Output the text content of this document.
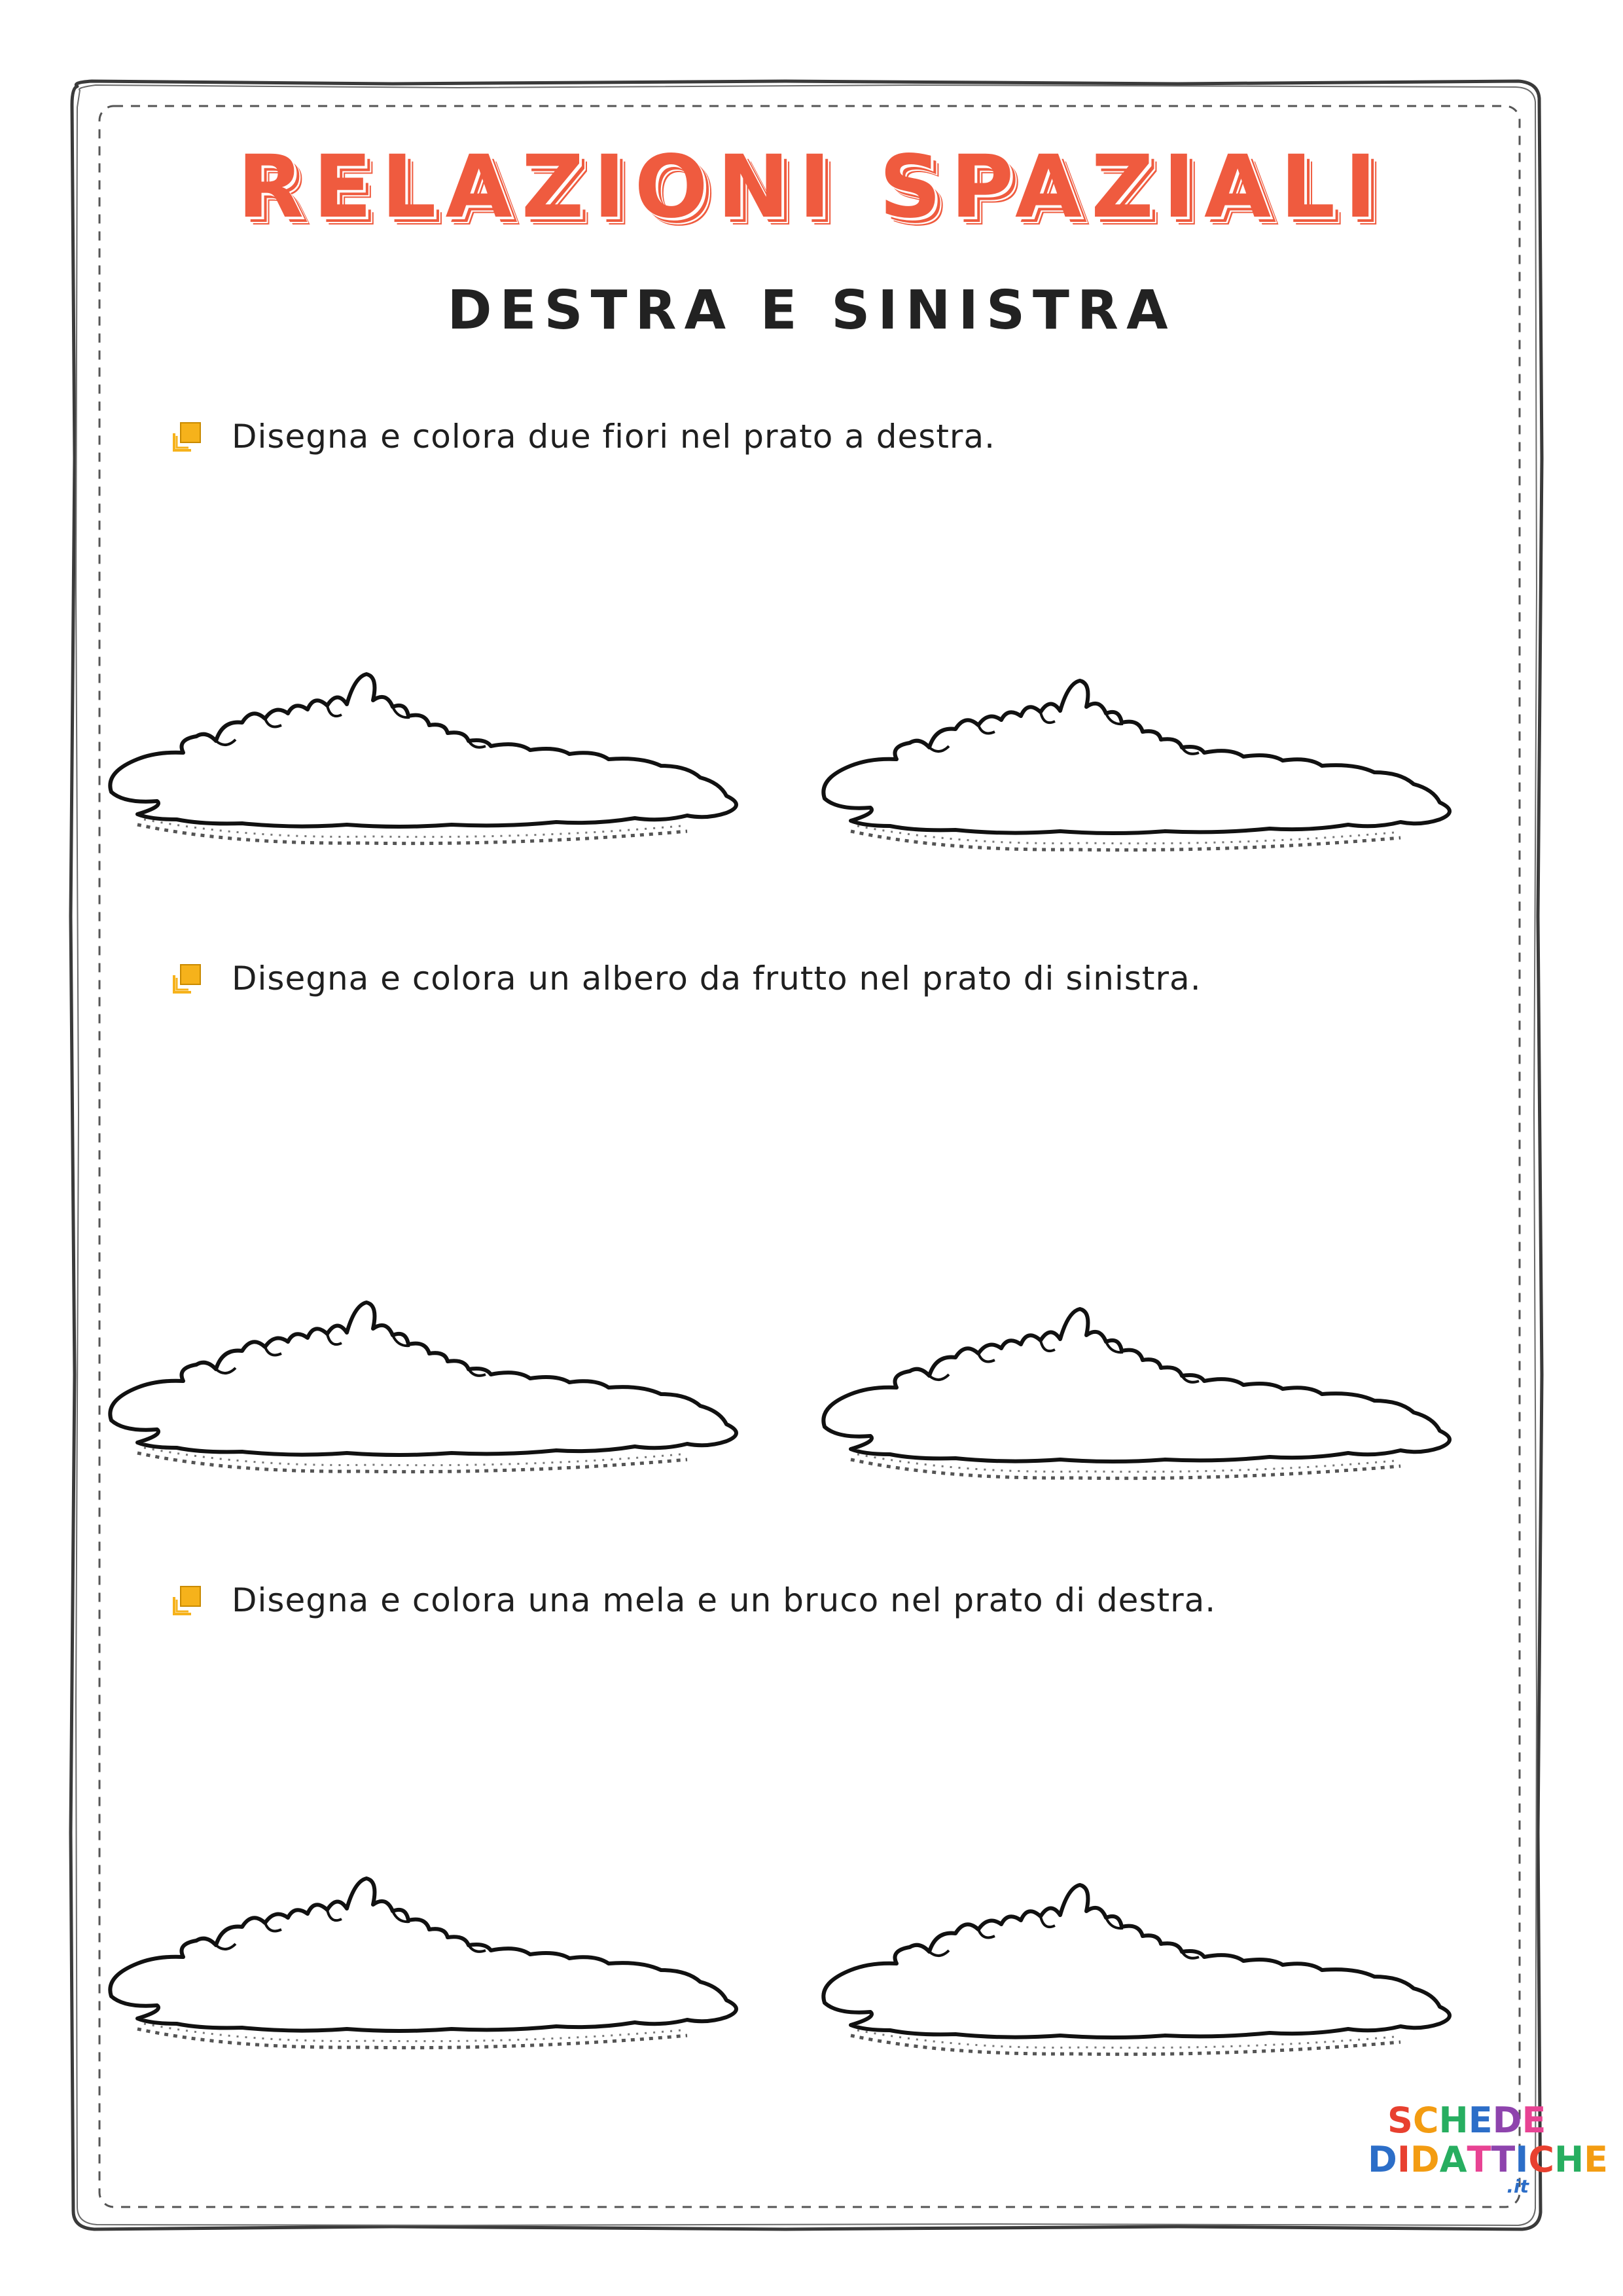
RELAZIONI SPAZIALI
DESTRA E SINISTRA
Disegna e colora due fiori nel prato a destra.
Disegna e colora un albero da frutto nel prato di sinistra.
Disegna e colora una mela e un bruco nel prato di destra.
S C H E D E
D I D A T T I C H E
.it
